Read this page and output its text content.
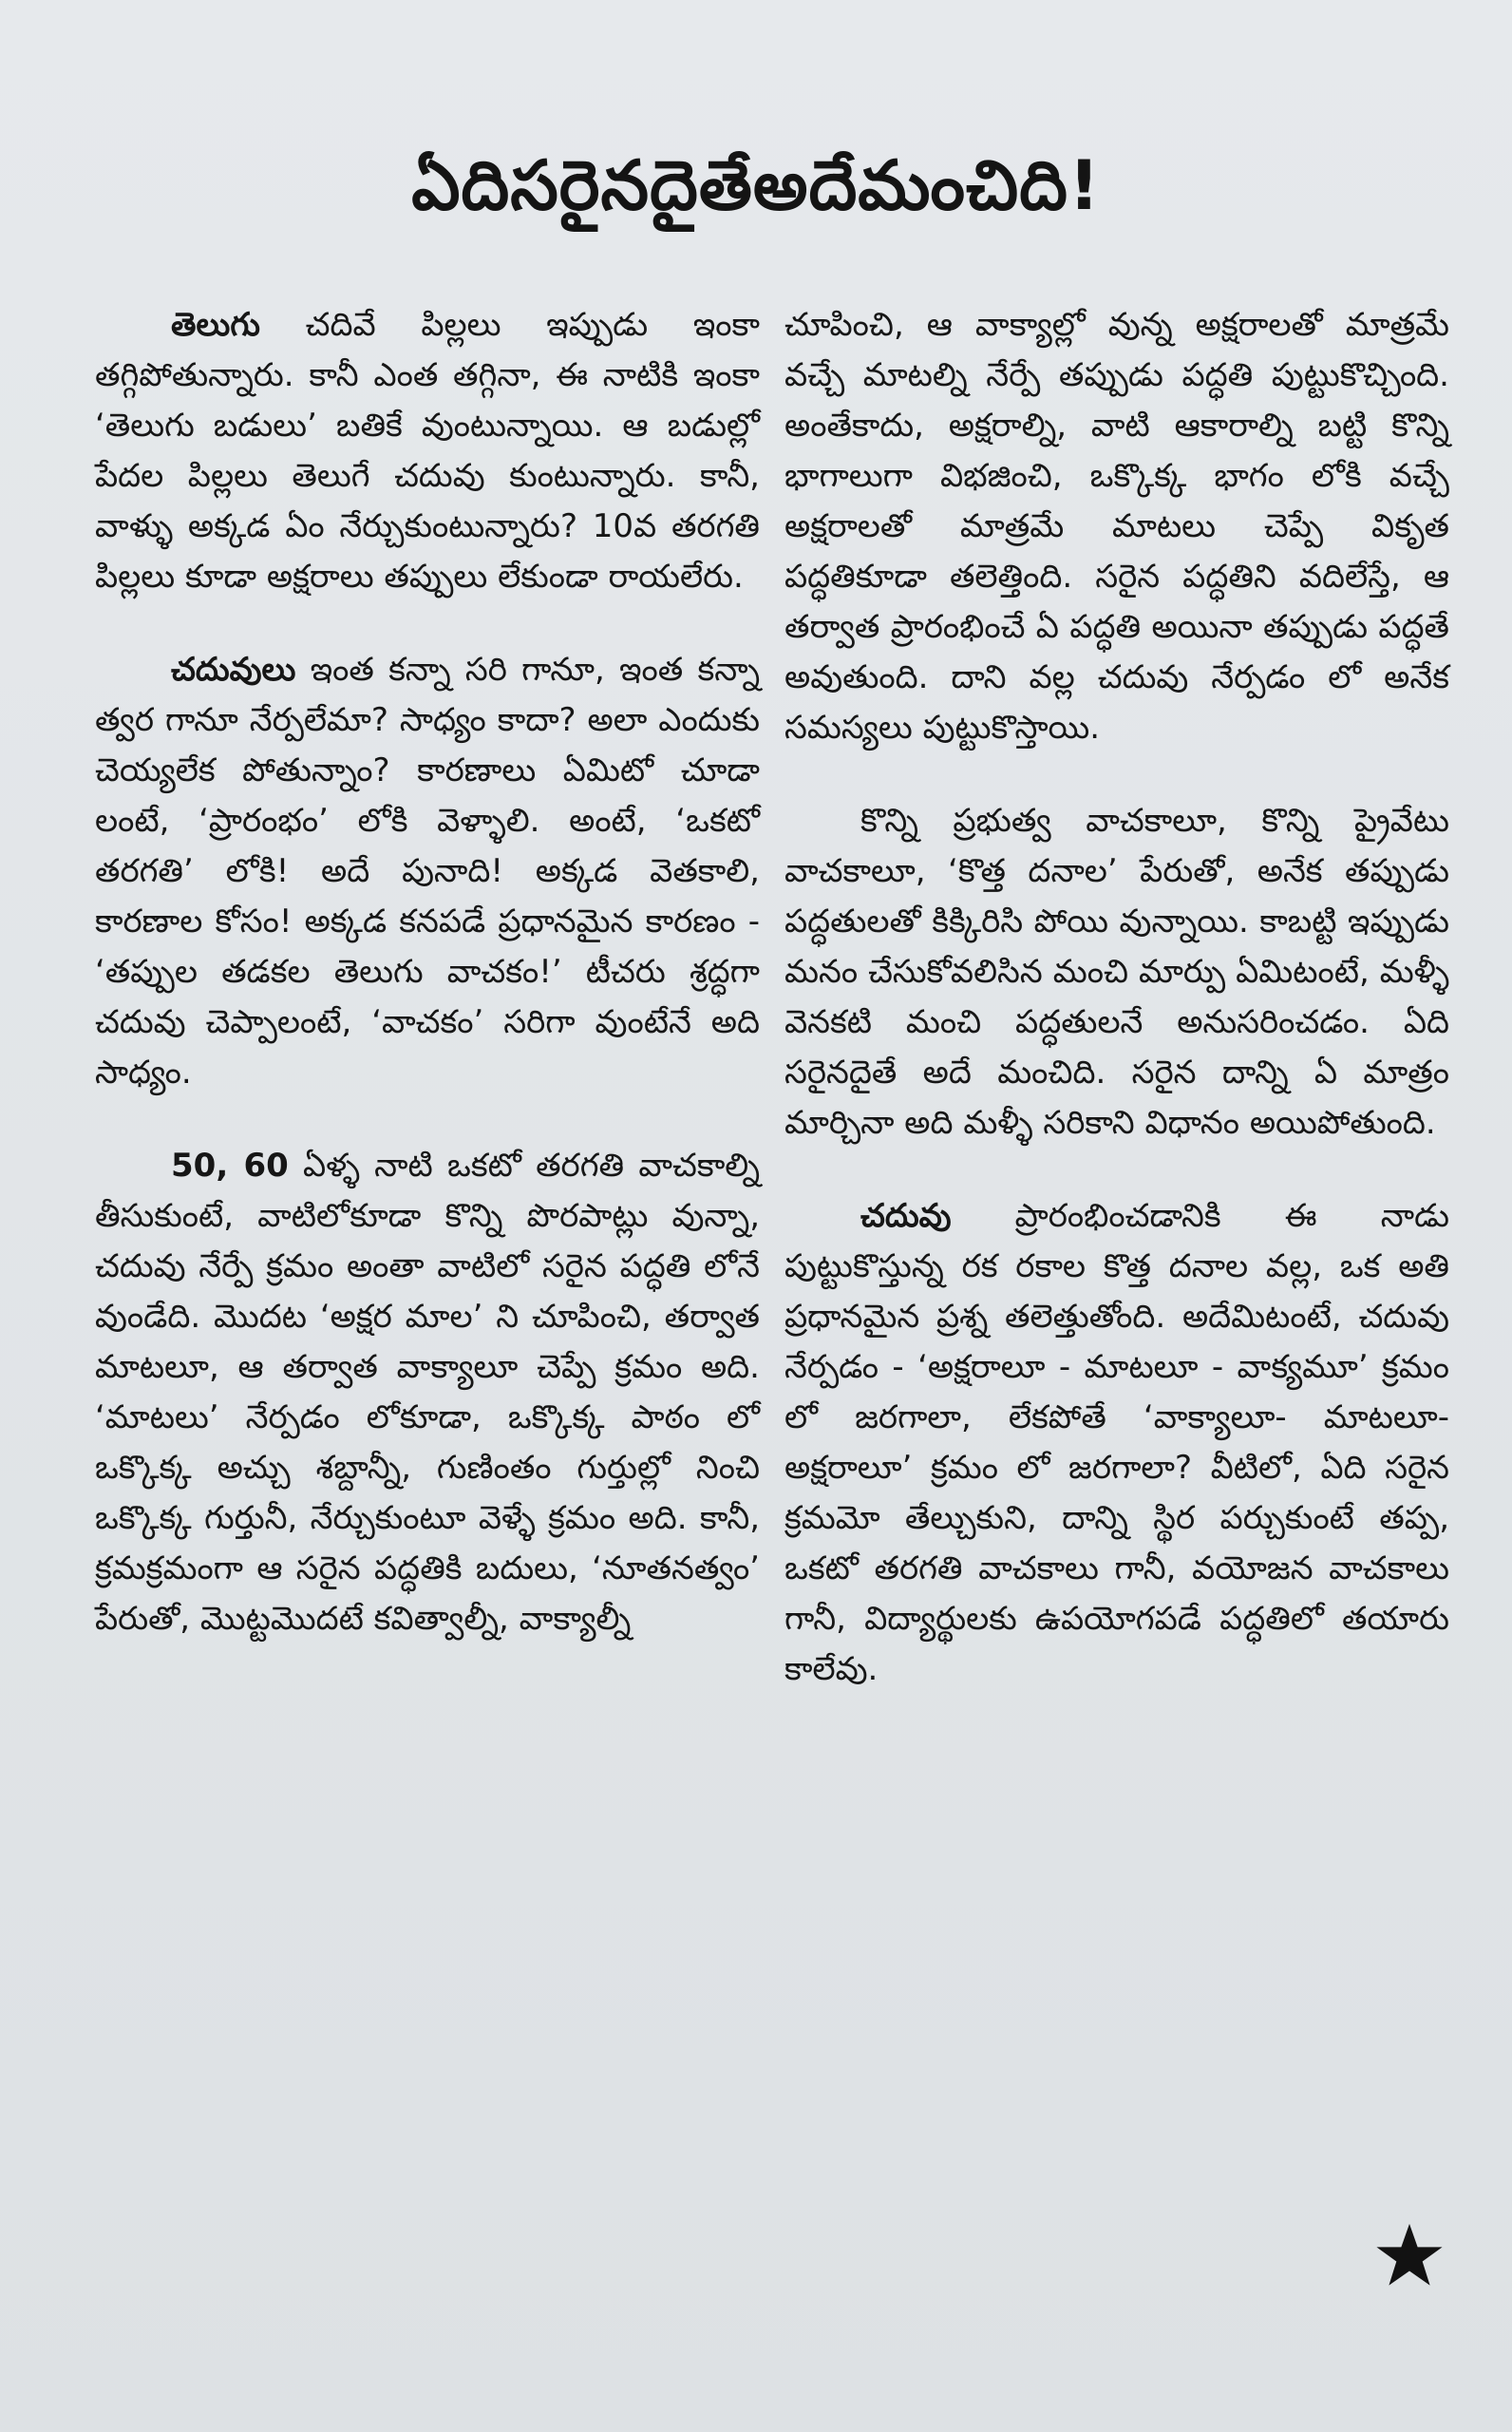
ఏదిసరైనదైతేఅదేమంచిది!

తెలుగు చదివే పిల్లలు ఇప్పుడు ఇంకా తగ్గిపోతున్నారు. కానీ ఎంత తగ్గినా, ఈ నాటికి ఇంకా ‘తెలుగు బడులు’ బతికే వుంటున్నాయి. ఆ బడుల్లో పేదల పిల్లలు తెలుగే చదువు కుంటున్నారు. కానీ, వాళ్ళు అక్కడ ఏం నేర్చుకుంటున్నారు? 10వ తరగతి పిల్లలు కూడా అక్షరాలు తప్పులు లేకుండా రాయలేరు.

చదువులు ఇంత కన్నా సరి గానూ, ఇంత కన్నా త్వర గానూ నేర్పలేమా? సాధ్యం కాదా? అలా ఎందుకు చెయ్యలేక పోతున్నాం? కారణాలు ఏమిటో చూడా లంటే, ‘ప్రారంభం’ లోకి వెళ్ళాలి. అంటే, ‘ఒకటో తరగతి’ లోకి! అదే పునాది! అక్కడ వెతకాలి, కారణాల కోసం! అక్కడ కనపడే ప్రధానమైన కారణం - ‘తప్పుల తడకల తెలుగు వాచకం!’ టీచరు శ్రద్ధగా చదువు చెప్పాలంటే, ‘వాచకం’ సరిగా వుంటేనే అది సాధ్యం.

50, 60 ఏళ్ళ నాటి ఒకటో తరగతి వాచకాల్ని తీసుకుంటే, వాటిలోకూడా కొన్ని పొరపాట్లు వున్నా, చదువు నేర్పే క్రమం అంతా వాటిలో సరైన పద్ధతి లోనే వుండేది. మొదట ‘అక్షర మాల’ ని చూపించి, తర్వాత మాటలూ, ఆ తర్వాత వాక్యాలూ చెప్పే క్రమం అది. ‘మాటలు’ నేర్పడం లోకూడా, ఒక్కొక్క పాఠం లో ఒక్కొక్క అచ్చు శబ్దాన్నీ, గుణింతం గుర్తుల్లో నించి ఒక్కొక్క గుర్తునీ, నేర్చుకుంటూ వెళ్ళే క్రమం అది. కానీ, క్రమక్రమంగా ఆ సరైన పద్ధతికి బదులు, ‘నూతనత్వం’ పేరుతో, మొట్టమొదటే కవిత్వాల్నీ, వాక్యాల్నీ

చూపించి, ఆ వాక్యాల్లో వున్న అక్షరాలతో మాత్రమే వచ్చే మాటల్ని నేర్పే తప్పుడు పద్ధతి పుట్టుకొచ్చింది. అంతేకాదు, అక్షరాల్ని, వాటి ఆకారాల్ని బట్టి కొన్ని భాగాలుగా విభజించి, ఒక్కొక్క భాగం లోకి వచ్చే అక్షరాలతో మాత్రమే మాటలు చెప్పే వికృత పద్ధతికూడా తలెత్తింది. సరైన పద్ధతిని వదిలేస్తే, ఆ తర్వాత ప్రారంభించే ఏ పద్ధతి అయినా తప్పుడు పద్ధతే అవుతుంది. దాని వల్ల చదువు నేర్పడం లో అనేక సమస్యలు పుట్టుకొస్తాయి.

కొన్ని ప్రభుత్వ వాచకాలూ, కొన్ని ప్రైవేటు వాచకాలూ, ‘కొత్త దనాల’ పేరుతో, అనేక తప్పుడు పద్ధతులతో కిక్కిరిసి పోయి వున్నాయి. కాబట్టి ఇప్పుడు మనం చేసుకోవలిసిన మంచి మార్పు ఏమిటంటే, మళ్ళీ వెనకటి మంచి పద్ధతులనే అనుసరించడం. ఏది సరైనదైతే అదే మంచిది. సరైన దాన్ని ఏ మాత్రం మార్చినా అది మళ్ళీ సరికాని విధానం అయిపోతుంది.

చదువు ప్రారంభించడానికి ఈ నాడు పుట్టుకొస్తున్న రక రకాల కొత్త దనాల వల్ల, ఒక అతి ప్రధానమైన ప్రశ్న తలెత్తుతోంది. అదేమిటంటే, చదువు నేర్పడం - ‘అక్షరాలూ - మాటలూ - వాక్యమూ’ క్రమం లో జరగాలా, లేకపోతే ‘వాక్యాలూ- మాటలూ- అక్షరాలూ’ క్రమం లో జరగాలా? వీటిలో, ఏది సరైన క్రమమో తేల్చుకుని, దాన్ని స్థిర పర్చుకుంటే తప్ప, ఒకటో తరగతి వాచకాలు గానీ, వయోజన వాచకాలు గానీ, విద్యార్థులకు ఉపయోగపడే పద్ధతిలో తయారు కాలేవు.
